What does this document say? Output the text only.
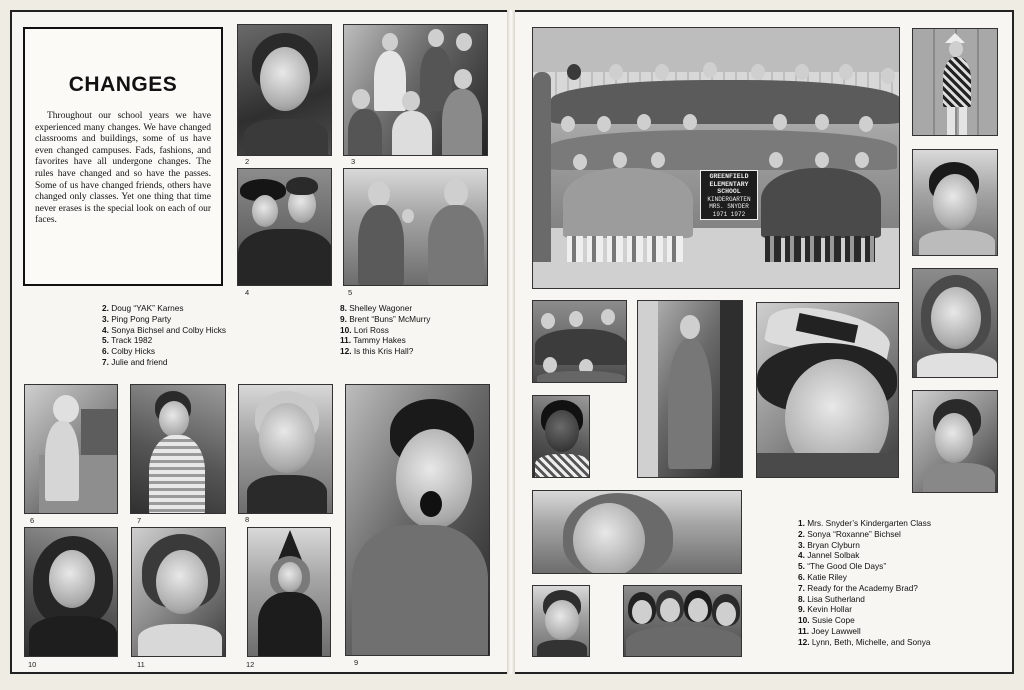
CHANGES

Throughout our school years we have experienced many changes. We have changed classrooms and buildings, some of us have even changed campuses. Fads, fashions, and favorites have all undergone changes. The rules have changed and so have the passes. Some of us have changed friends, others have changed only classes. Yet one thing that time never erases is the special look on each of our faces.

2	3
4	5
2. Doug “YAK” Karnes
3. Ping Pong Party
4. Sonya Bichsel and Colby Hicks
5. Track 1982
6. Colby Hicks
7. Julie and friend
8. Shelley Wagoner
9. Brent “Buns” McMurry
10. Lori Ross
11. Tammy Hakes
12. Is this Kris Hall?
6	7	8
10	11	12	9
GREENFIELD
ELEMENTARY
SCHOOL
KINDERGARTEN
MRS. SNYDER
1971 1972
1. Mrs. Snyder’s Kindergarten Class
2. Sonya “Roxanne” Bichsel
3. Bryan Clyburn
4. Jannel Solbak
5. “The Good Ole Days”
6. Katie Riley
7. Ready for the Academy Brad?
8. Lisa Sutherland
9. Kevin Hollar
10. Susie Cope
11. Joey Lawwell
12. Lynn, Beth, Michelle, and Sonya
